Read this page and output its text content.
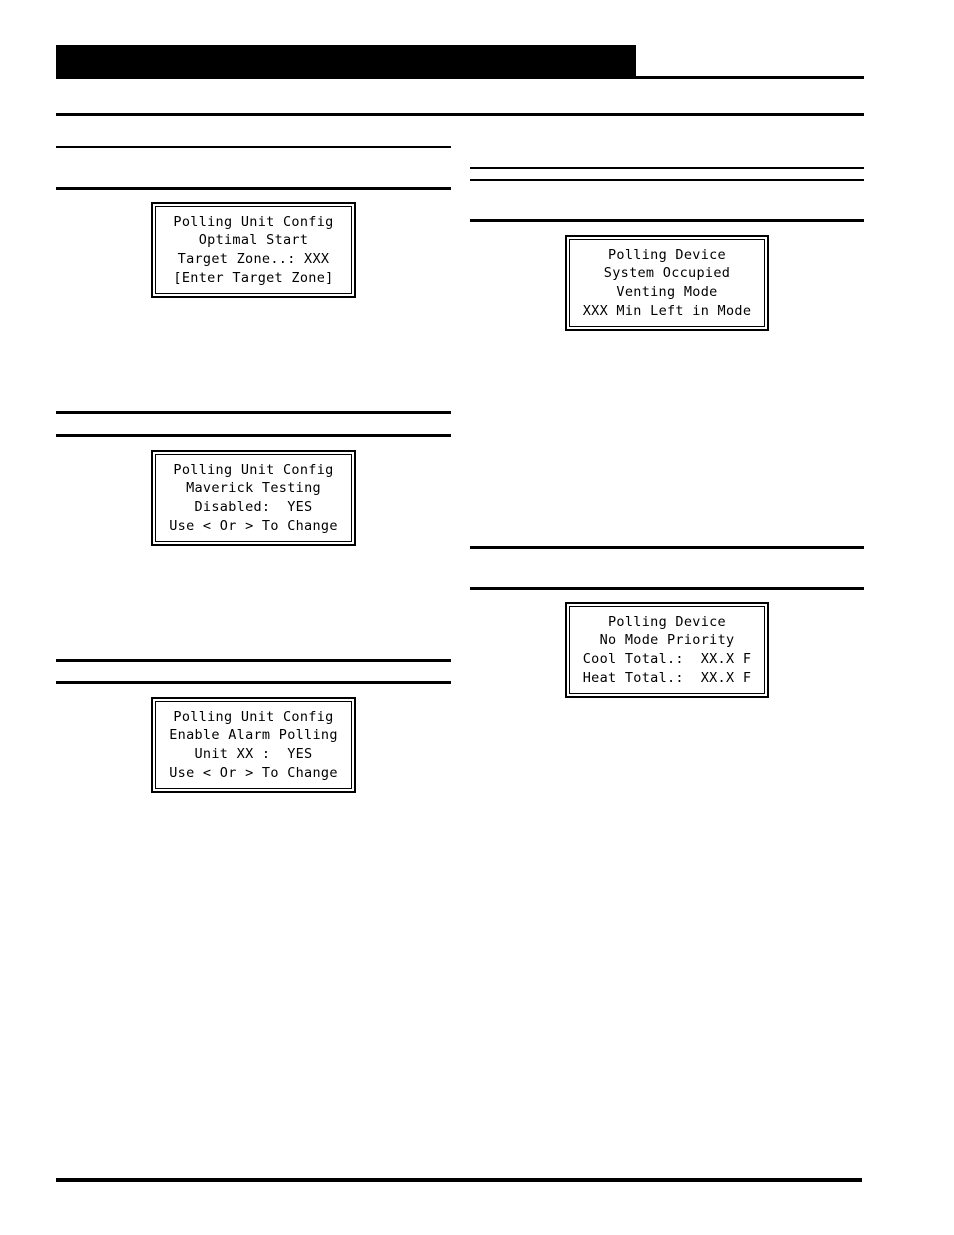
Polling Unit Config
Optimal Start
Target Zone..: XXX
[Enter Target Zone]
Polling Unit Config
Maverick Testing
Disabled:  YES
Use < Or > To Change
Polling Unit Config
Enable Alarm Polling
Unit XX :  YES
Use < Or > To Change
Polling Device
System Occupied
Venting Mode
XXX Min Left in Mode
Polling Device
No Mode Priority
Cool Total.:  XX.X F
Heat Total.:  XX.X F
